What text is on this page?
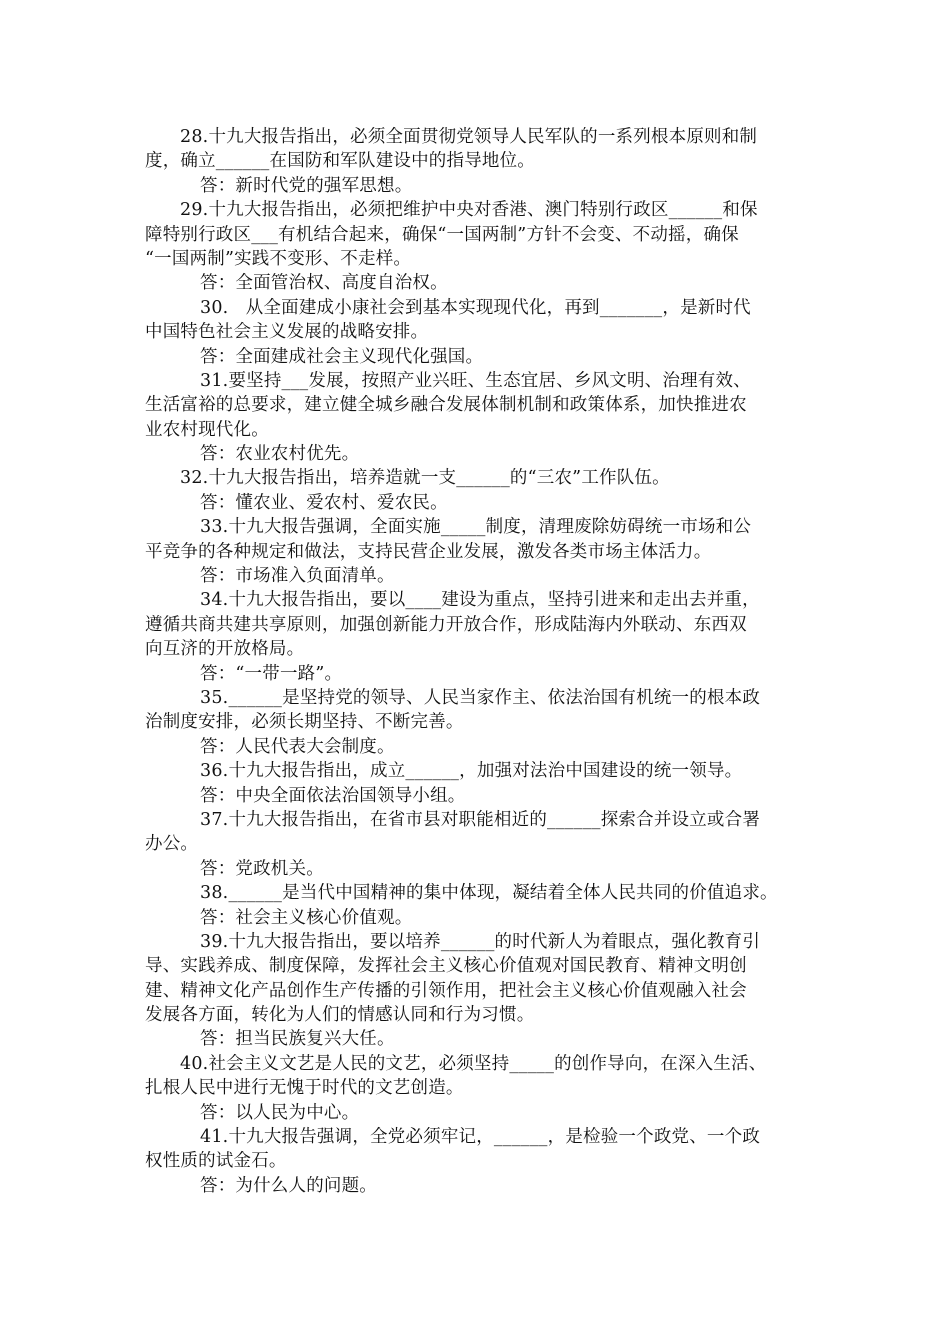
28.十九大报告指出，必须全面贯彻党领导人民军队的一系列根本原则和制
度，确立______在国防和军队建设中的指导地位。
答：新时代党的强军思想。
29.十九大报告指出，必须把维护中央对香港、澳门特别行政区______和保
障特别行政区___有机结合起来，确保“一国两制”方针不会变、不动摇，确保
“一国两制”实践不变形、不走样。
答：全面管治权、高度自治权。
30.   从全面建成小康社会到基本实现现代化，再到_______，是新时代
中国特色社会主义发展的战略安排。
答：全面建成社会主义现代化强国。
31.要坚持___发展，按照产业兴旺、生态宜居、乡风文明、治理有效、
生活富裕的总要求，建立健全城乡融合发展体制机制和政策体系，加快推进农
业农村现代化。
答：农业农村优先。
32.十九大报告指出，培养造就一支______的“三农”工作队伍。
答：懂农业、爱农村、爱农民。
33.十九大报告强调，全面实施_____制度，清理废除妨碍统一市场和公
平竞争的各种规定和做法，支持民营企业发展，激发各类市场主体活力。
答：市场准入负面清单。
34.十九大报告指出，要以____建设为重点，坚持引进来和走出去并重，
遵循共商共建共享原则，加强创新能力开放合作，形成陆海内外联动、东西双
向互济的开放格局。
答：“一带一路”。
35.______是坚持党的领导、人民当家作主、依法治国有机统一的根本政
治制度安排，必须长期坚持、不断完善。
答：人民代表大会制度。
36.十九大报告指出，成立______，加强对法治中国建设的统一领导。
答：中央全面依法治国领导小组。
37.十九大报告指出，在省市县对职能相近的______探索合并设立或合署
办公。
答：党政机关。
38.______是当代中国精神的集中体现，凝结着全体人民共同的价值追求。
答：社会主义核心价值观。
39.十九大报告指出，要以培养______的时代新人为着眼点，强化教育引
导、实践养成、制度保障，发挥社会主义核心价值观对国民教育、精神文明创
建、精神文化产品创作生产传播的引领作用，把社会主义核心价值观融入社会
发展各方面，转化为人们的情感认同和行为习惯。
答：担当民族复兴大任。
40.社会主义文艺是人民的文艺，必须坚持_____的创作导向，在深入生活、
扎根人民中进行无愧于时代的文艺创造。
答：以人民为中心。
41.十九大报告强调，全党必须牢记，______，是检验一个政党、一个政
权性质的试金石。
答：为什么人的问题。
